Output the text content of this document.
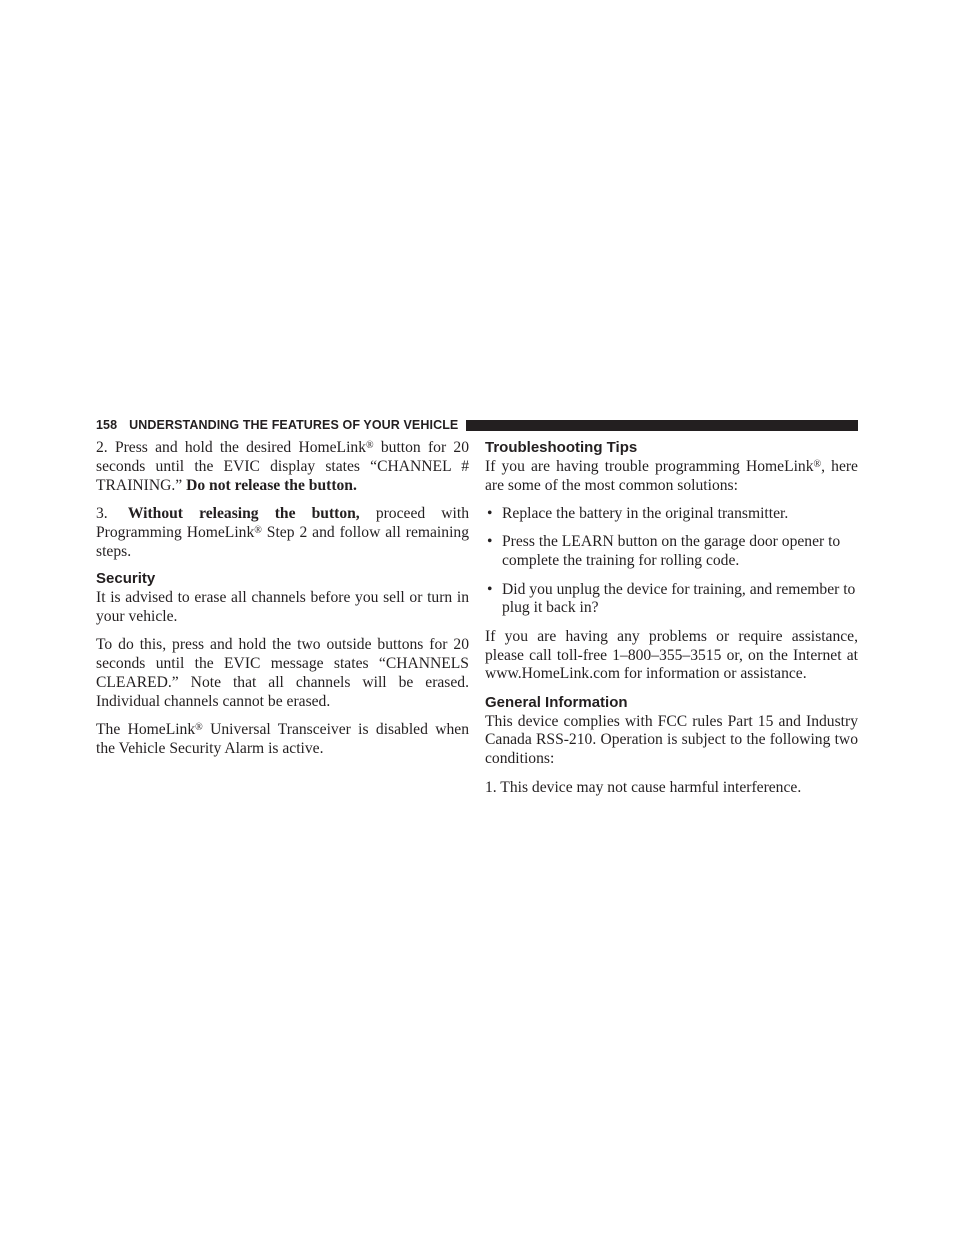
158 UNDERSTANDING THE FEATURES OF YOUR VEHICLE

2. Press and hold the desired HomeLink® button for 20 seconds until the EVIC display states “CHANNEL # TRAINING.” Do not release the button.

3. Without releasing the button, proceed with Programming HomeLink® Step 2 and follow all remaining steps.

Security

It is advised to erase all channels before you sell or turn in your vehicle.

To do this, press and hold the two outside buttons for 20 seconds until the EVIC message states “CHANNELS CLEARED.” Note that all channels will be erased. Individual channels cannot be erased.

The HomeLink® Universal Transceiver is disabled when the Vehicle Security Alarm is active.

Troubleshooting Tips

If you are having trouble programming HomeLink®, here are some of the most common solutions:

• Replace the battery in the original transmitter.
• Press the LEARN button on the garage door opener to complete the training for rolling code.
• Did you unplug the device for training, and remember to plug it back in?

If you are having any problems or require assistance, please call toll-free 1–800–355–3515 or, on the Internet at www.HomeLink.com for information or assistance.

General Information

This device complies with FCC rules Part 15 and Industry Canada RSS-210. Operation is subject to the following two conditions:

1. This device may not cause harmful interference.
